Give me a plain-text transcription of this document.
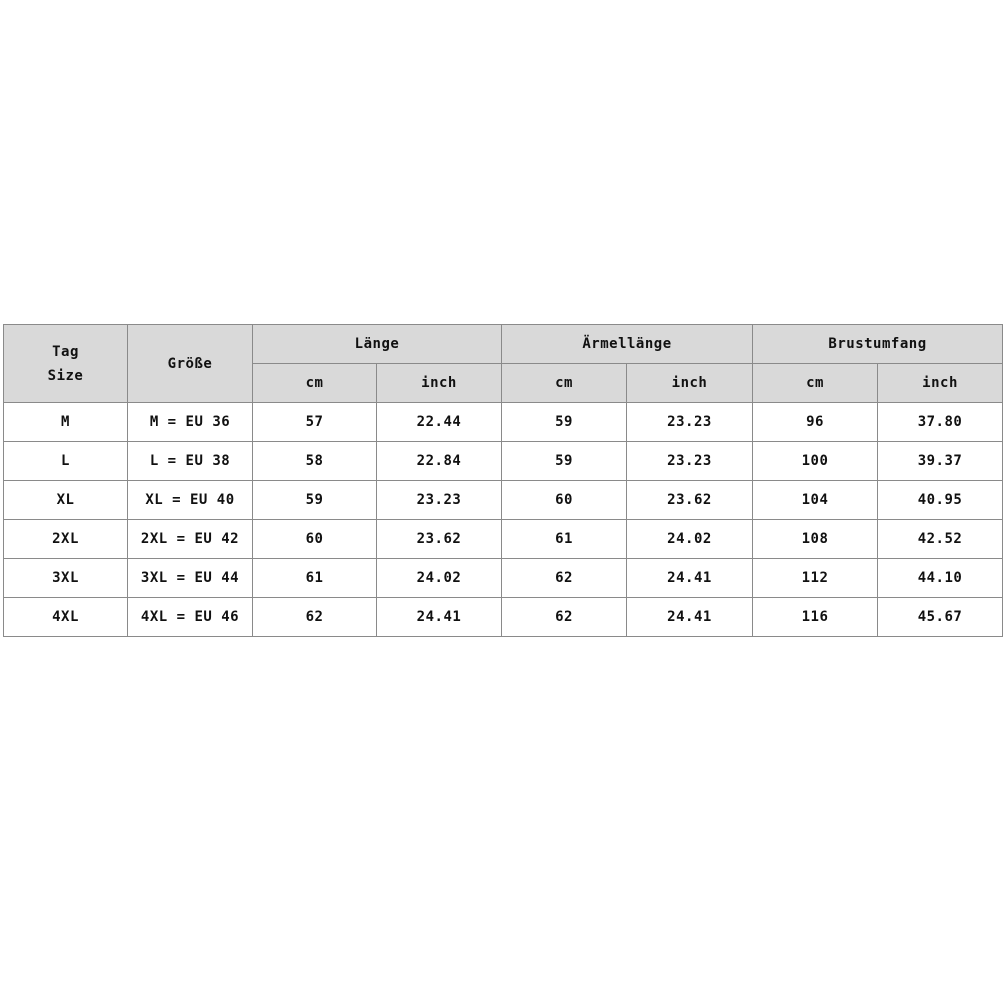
Tag
Size	Größe	Länge		Ärmellänge		Brustumfang	
		cm	inch	cm	inch	cm	inch
M	M = EU 36	57	22.44	59	23.23	96	37.80
L	L = EU 38	58	22.84	59	23.23	100	39.37
XL	XL = EU 40	59	23.23	60	23.62	104	40.95
2XL	2XL = EU 42	60	23.62	61	24.02	108	42.52
3XL	3XL = EU 44	61	24.02	62	24.41	112	44.10
4XL	4XL = EU 46	62	24.41	62	24.41	116	45.67
